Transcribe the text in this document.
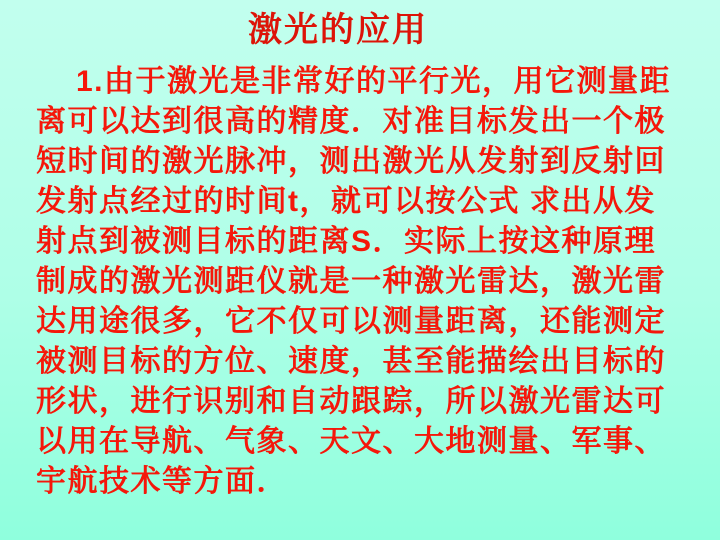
激光的应用
1.由于激光是非常好的平行光，用它测量距
离可以达到很高的精度．对准目标发出一个极
短时间的激光脉冲，测出激光从发射到反射回
发射点经过的时间t，就可以按公式 求出从发
射点到被测目标的距离S．实际上按这种原理
制成的激光测距仪就是一种激光雷达，激光雷
达用途很多，它不仅可以测量距离，还能测定
被测目标的方位、速度，甚至能描绘出目标的
形状，进行识别和自动跟踪，所以激光雷达可
以用在导航、气象、天文、大地测量、军事、
宇航技术等方面．
